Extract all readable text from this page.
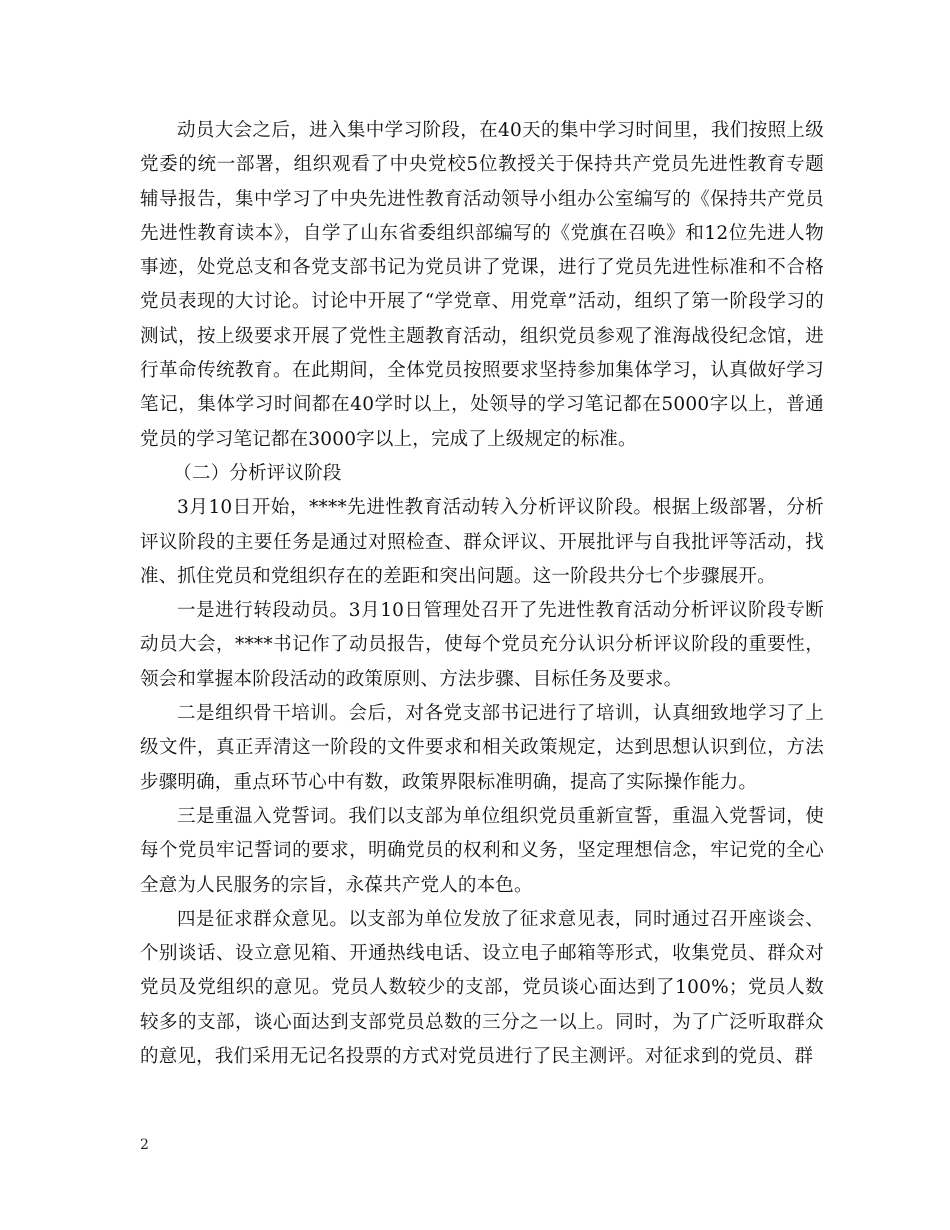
动员大会之后，进入集中学习阶段，在40天的集中学习时间里，我们按照上级党委的统一部署，组织观看了中央党校5位教授关于保持共产党员先进性教育专题辅导报告，集中学习了中央先进性教育活动领导小组办公室编写的《保持共产党员先进性教育读本》，自学了山东省委组织部编写的《党旗在召唤》和12位先进人物事迹，处党总支和各党支部书记为党员讲了党课，进行了党员先进性标准和不合格党员表现的大讨论。讨论中开展了“学党章、用党章”活动，组织了第一阶段学习的测试，按上级要求开展了党性主题教育活动，组织党员参观了淮海战役纪念馆，进行革命传统教育。在此期间，全体党员按照要求坚持参加集体学习，认真做好学习笔记，集体学习时间都在40学时以上，处领导的学习笔记都在5000字以上，普通党员的学习笔记都在3000字以上，完成了上级规定的标准。

（二）分析评议阶段

3月10日开始，****先进性教育活动转入分析评议阶段。根据上级部署，分析评议阶段的主要任务是通过对照检查、群众评议、开展批评与自我批评等活动，找准、抓住党员和党组织存在的差距和突出问题。这一阶段共分七个步骤展开。

一是进行转段动员。3月10日管理处召开了先进性教育活动分析评议阶段专断动员大会，****书记作了动员报告，使每个党员充分认识分析评议阶段的重要性，领会和掌握本阶段活动的政策原则、方法步骤、目标任务及要求。

二是组织骨干培训。会后，对各党支部书记进行了培训，认真细致地学习了上级文件，真正弄清这一阶段的文件要求和相关政策规定，达到思想认识到位，方法步骤明确，重点环节心中有数，政策界限标准明确，提高了实际操作能力。

三是重温入党誓词。我们以支部为单位组织党员重新宣誓，重温入党誓词，使每个党员牢记誓词的要求，明确党员的权利和义务，坚定理想信念，牢记党的全心全意为人民服务的宗旨，永葆共产党人的本色。

四是征求群众意见。以支部为单位发放了征求意见表，同时通过召开座谈会、个别谈话、设立意见箱、开通热线电话、设立电子邮箱等形式，收集党员、群众对党员及党组织的意见。党员人数较少的支部，党员谈心面达到了100%；党员人数较多的支部，谈心面达到支部党员总数的三分之一以上。同时，为了广泛听取群众的意见，我们采用无记名投票的方式对党员进行了民主测评。对征求到的党员、群

2
